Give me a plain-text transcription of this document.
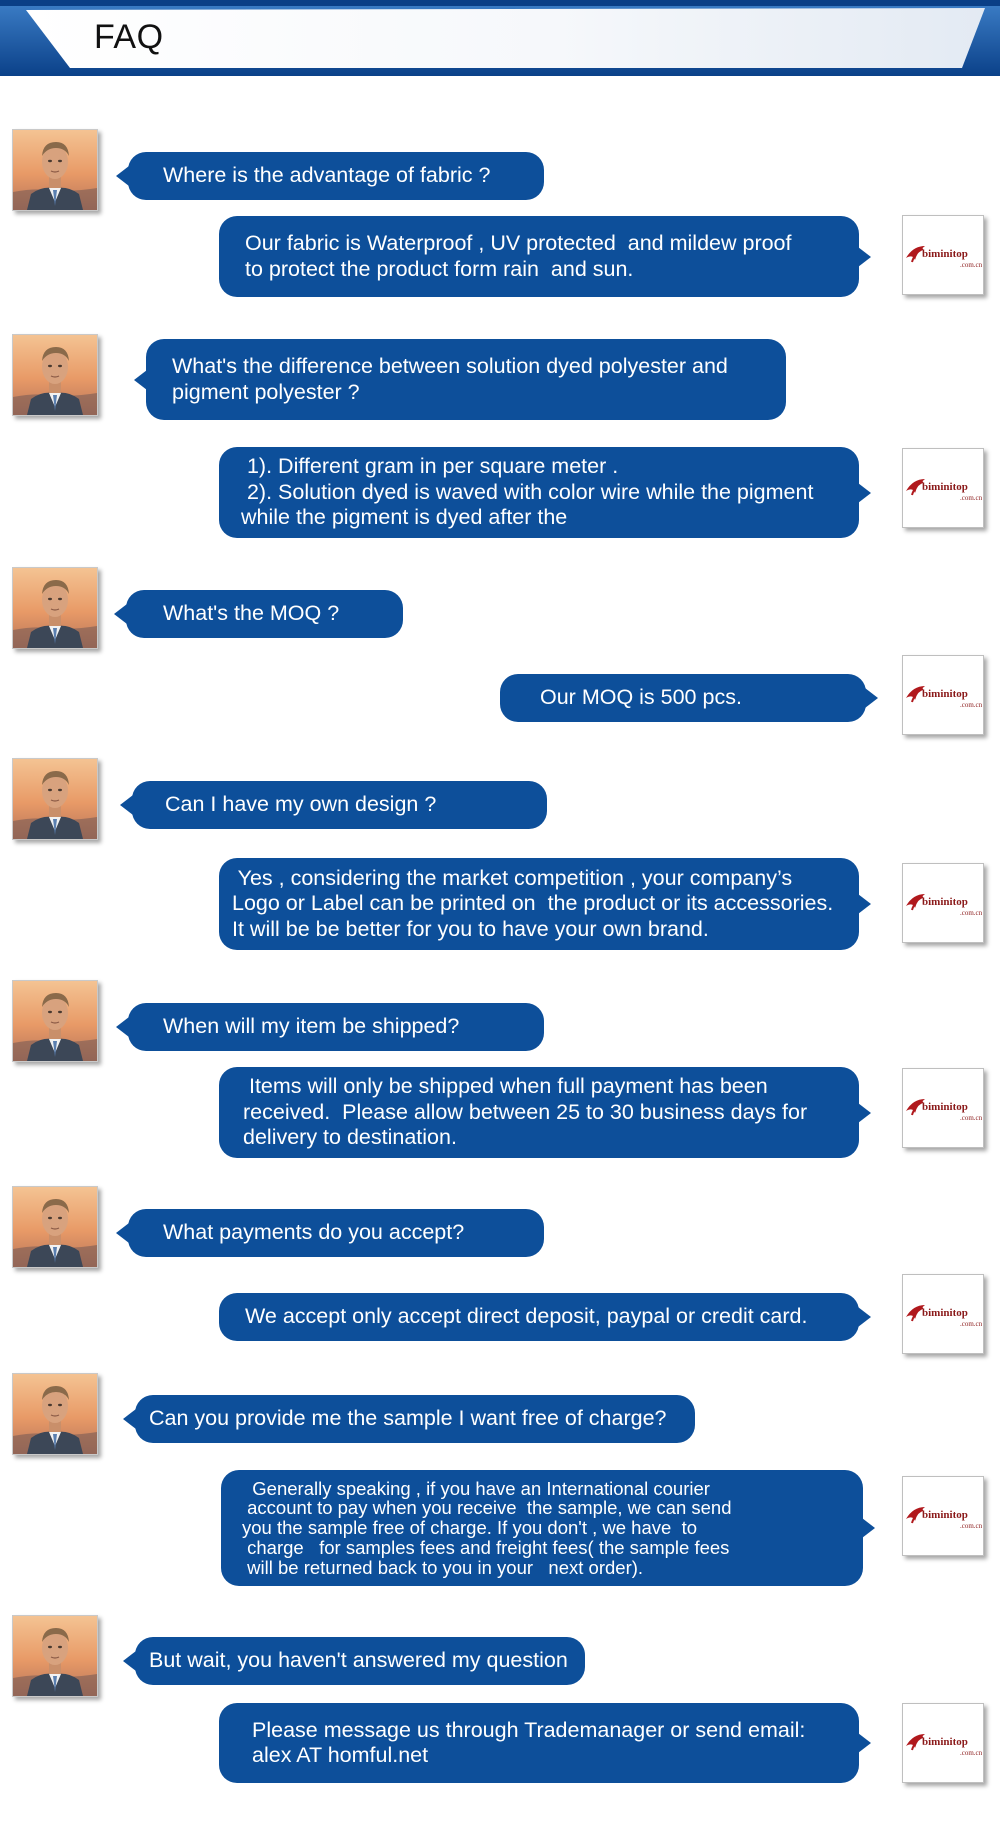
FAQ
biminitop
.com.cn
biminitop
.com.cn
biminitop
.com.cn
biminitop
.com.cn
biminitop
.com.cn
biminitop
.com.cn
biminitop
.com.cn
biminitop
.com.cn
Where is the advantage of fabric ?
Our fabric is Waterproof , UV protected  and mildew proof
to protect the product form rain  and sun.
What's the difference between solution dyed polyester and
pigment polyester ?
1). Different gram in per square meter .
2). Solution dyed is waved with color wire while the pigment
while the pigment is dyed after the
What's the MOQ ?
Our MOQ is 500 pcs.
Can I have my own design ?
Yes , considering the market competition , your company’s
Logo or Label can be printed on  the product or its accessories.
It will be be better for you to have your own brand.
When will my item be shipped?
Items will only be shipped when full payment has been
received.  Please allow between 25 to 30 business days for
delivery to destination.
What payments do you accept?
We accept only accept direct deposit, paypal or credit card.
Can you provide me the sample I want free of charge?
Generally speaking , if you have an International courier
account to pay when you receive  the sample, we can send
you the sample free of charge. If you don't , we have  to
charge   for samples fees and freight fees( the sample fees
will be returned back to you in your   next order).
But wait, you haven't answered my question
Please message us through Trademanager or send email:
alex AT homful.net
